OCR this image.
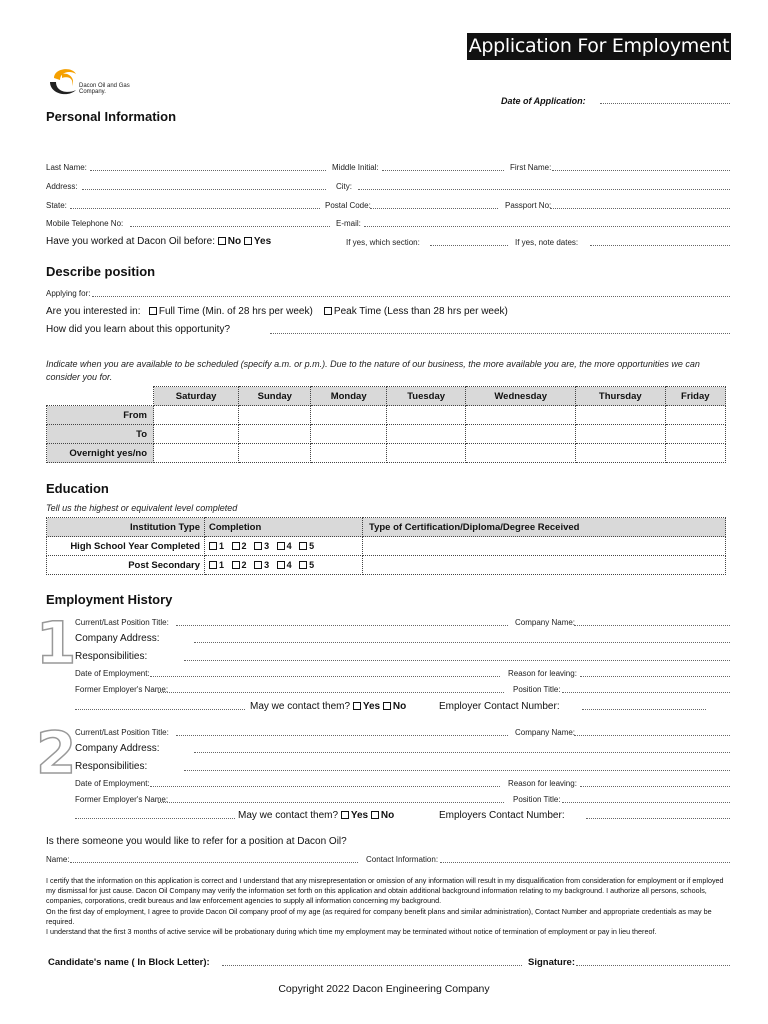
Application For Employment
Dacon Oil and Gas Company.
Date of Application:
Personal Information
Last Name:	Middle Initial:	First Name:
Address:	City:
State:	Postal Code:	Passport No:
Mobile Telephone No:	E-mail:
Have you worked at Dacon Oil before: No Yes	If yes, which section:	If yes, note dates:
Describe position
Applying for:
Are you interested in: Full Time (Min. of 28 hrs per week) Peak Time (Less than 28 hrs per week)
How did you learn about this opportunity?
Indicate when you are available to be scheduled (specify a.m. or p.m.). Due to the nature of our business, the more available you are, the more opportunities we can consider you for.
	Saturday	Sunday	Monday	Tuesday	Wednesday	Thursday	Friday
From							
To							
Overnight yes/no							
Education
Tell us the highest or equivalent level completed
Institution Type	Completion	Type of Certification/Diploma/Degree Received
High School Year Completed	1 2 3 4 5	
Post Secondary	1 2 3 4 5	
Employment History
1
Current/Last Position Title:	Company Name:
Company Address:
Responsibilities:
Date of Employment:	Reason for leaving:
Former Employer's Name:	Position Title:
May we contact them? Yes No	Employer Contact Number:
2
Current/Last Position Title:	Company Name:
Company Address:
Responsibilities:
Date of Employment:	Reason for leaving:
Former Employer's Name:	Position Title:
May we contact them? Yes No	Employers Contact Number:
Is there someone you would like to refer for a position at Dacon Oil?
Name:	Contact Information:
I certify that the information on this application is correct and I understand that any misrepresentation or omission of any information will result in my disqualification from consideration for employment or if employed my dismissal for just cause. Dacon Oil Company may verify the information set forth on this application and obtain additional background information relating to my background. I authorize all persons, schools, companies, corporations, credit bureaus and law enforcement agencies to supply all information concerning my background.
On the first day of employment, I agree to provide Dacon Oil company proof of my age (as required for company benefit plans and similar administration), Contact Number and appropriate credentials as may be required.
I understand that the first 3 months of active service will be probationary during which time my employment may be terminated without notice of termination of employment or pay in lieu thereof.
Candidate's name ( In Block Letter):	Signature:
Copyright 2022 Dacon Engineering Company
